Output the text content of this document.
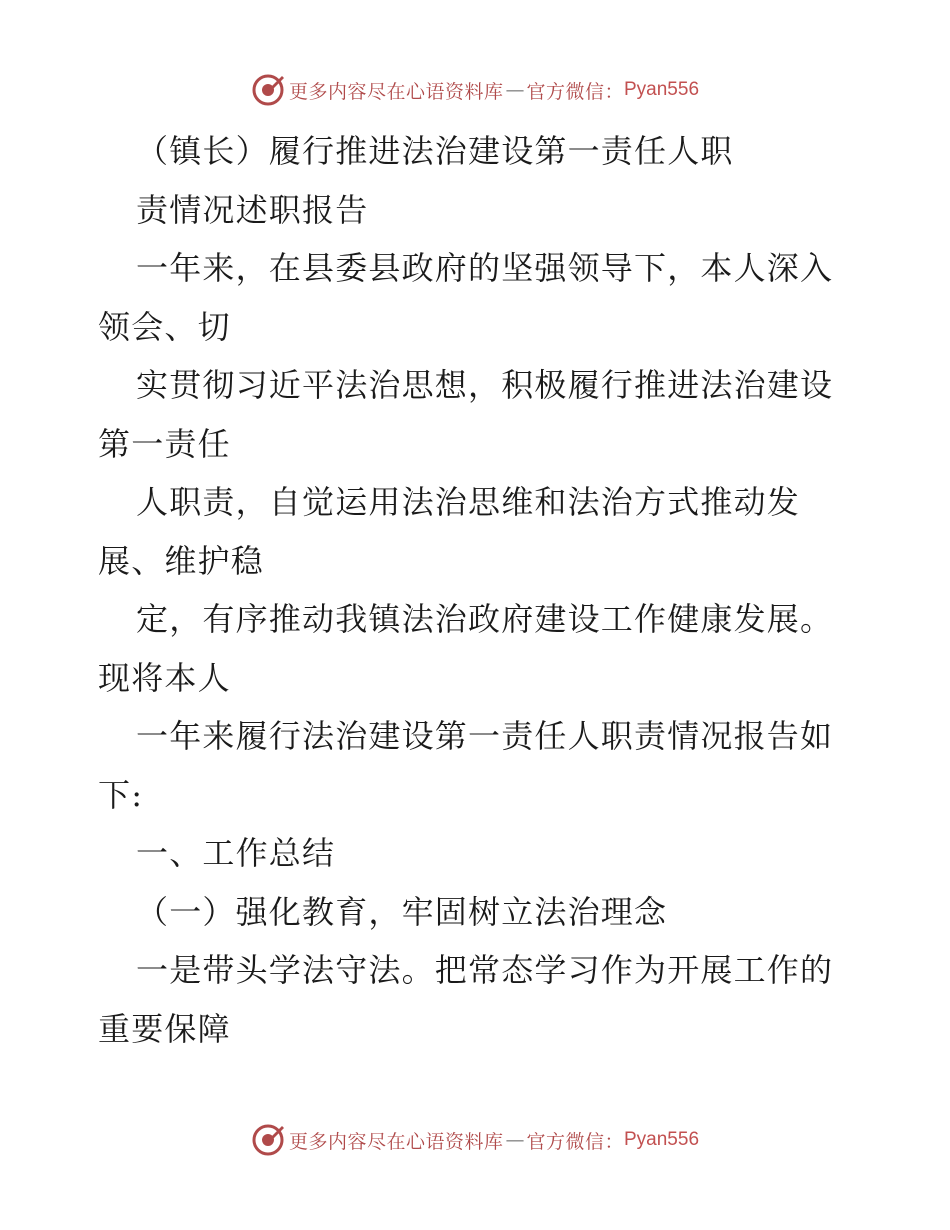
更多内容尽在心语资料库 — 官方微信： Pyan556
（镇长）履行推进法治建设第一责任人职
责情况述职报告
一年来，在县委县政府的坚强领导下，本人深入
领会、切
实贯彻习近平法治思想，积极履行推进法治建设
第一责任
人职责，自觉运用法治思维和法治方式推动发
展、维护稳
定，有序推动我镇法治政府建设工作健康发展。
现将本人
一年来履行法治建设第一责任人职责情况报告如
下:
一、工作总结
（一）强化教育，牢固树立法治理念
一是带头学法守法。把常态学习作为开展工作的
重要保障
更多内容尽在心语资料库 — 官方微信： Pyan556
